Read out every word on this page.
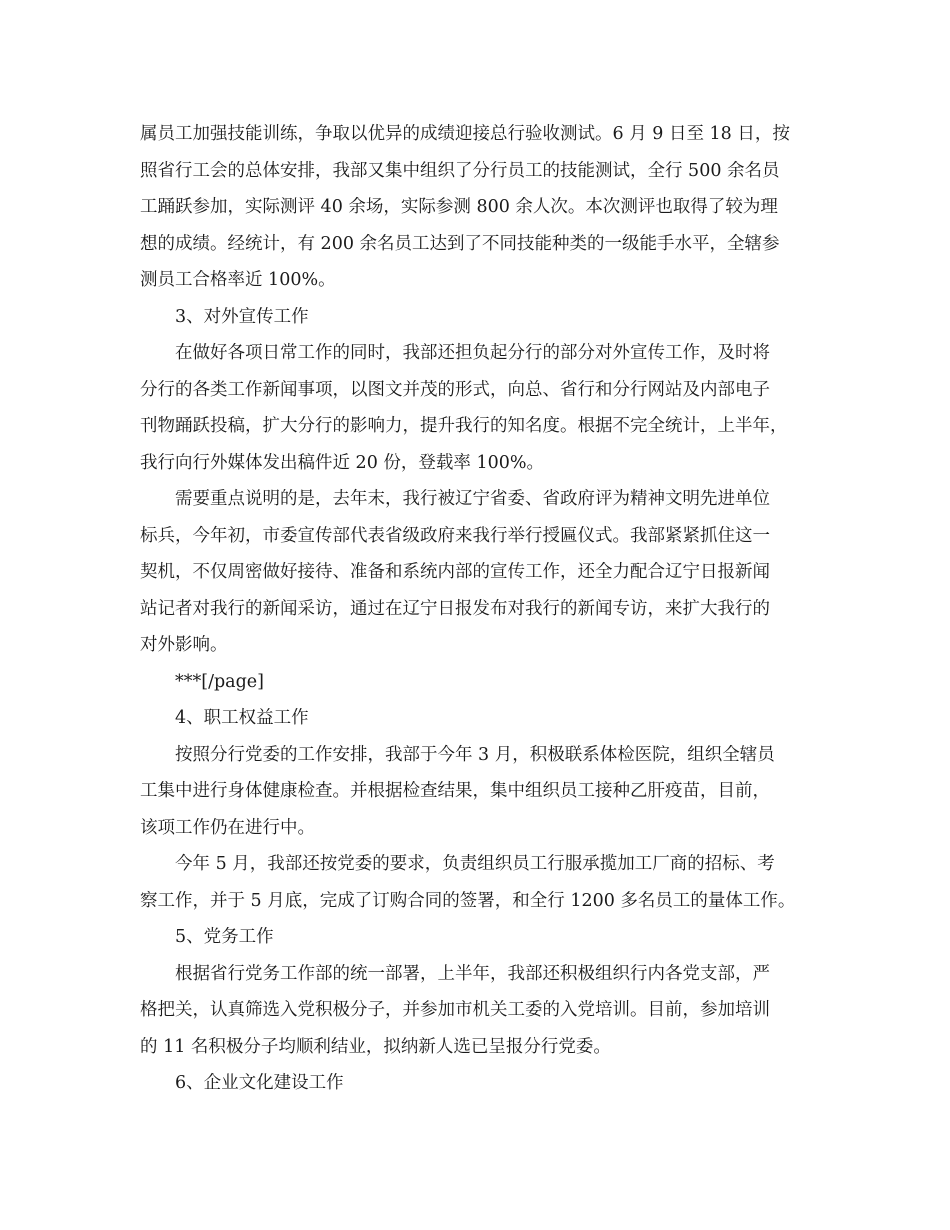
属员工加强技能训练，争取以优异的成绩迎接总行验收测试。6 月 9 日至 18 日，按
照省行工会的总体安排，我部又集中组织了分行员工的技能测试，全行 500 余名员
工踊跃参加，实际测评 40 余场，实际参测 800 余人次。本次测评也取得了较为理
想的成绩。经统计，有 200 余名员工达到了不同技能种类的一级能手水平，全辖参
测员工合格率近 100%。
3、对外宣传工作
在做好各项日常工作的同时，我部还担负起分行的部分对外宣传工作，及时将
分行的各类工作新闻事项，以图文并茂的形式，向总、省行和分行网站及内部电子
刊物踊跃投稿，扩大分行的影响力，提升我行的知名度。根据不完全统计，上半年，
我行向行外媒体发出稿件近 20 份，登载率 100%。
需要重点说明的是，去年末，我行被辽宁省委、省政府评为精神文明先进单位
标兵，今年初，市委宣传部代表省级政府来我行举行授匾仪式。我部紧紧抓住这一
契机，不仅周密做好接待、准备和系统内部的宣传工作，还全力配合辽宁日报新闻
站记者对我行的新闻采访，通过在辽宁日报发布对我行的新闻专访，来扩大我行的
对外影响。
***[/page]
4、职工权益工作
按照分行党委的工作安排，我部于今年 3 月，积极联系体检医院，组织全辖员
工集中进行身体健康检查。并根据检查结果，集中组织员工接种乙肝疫苗，目前，
该项工作仍在进行中。
今年 5 月，我部还按党委的要求，负责组织员工行服承揽加工厂商的招标、考
察工作，并于 5 月底，完成了订购合同的签署，和全行 1200 多名员工的量体工作。
5、党务工作
根据省行党务工作部的统一部署，上半年，我部还积极组织行内各党支部，严
格把关，认真筛选入党积极分子，并参加市机关工委的入党培训。目前，参加培训
的 11 名积极分子均顺利结业，拟纳新人选已呈报分行党委。
6、企业文化建设工作
